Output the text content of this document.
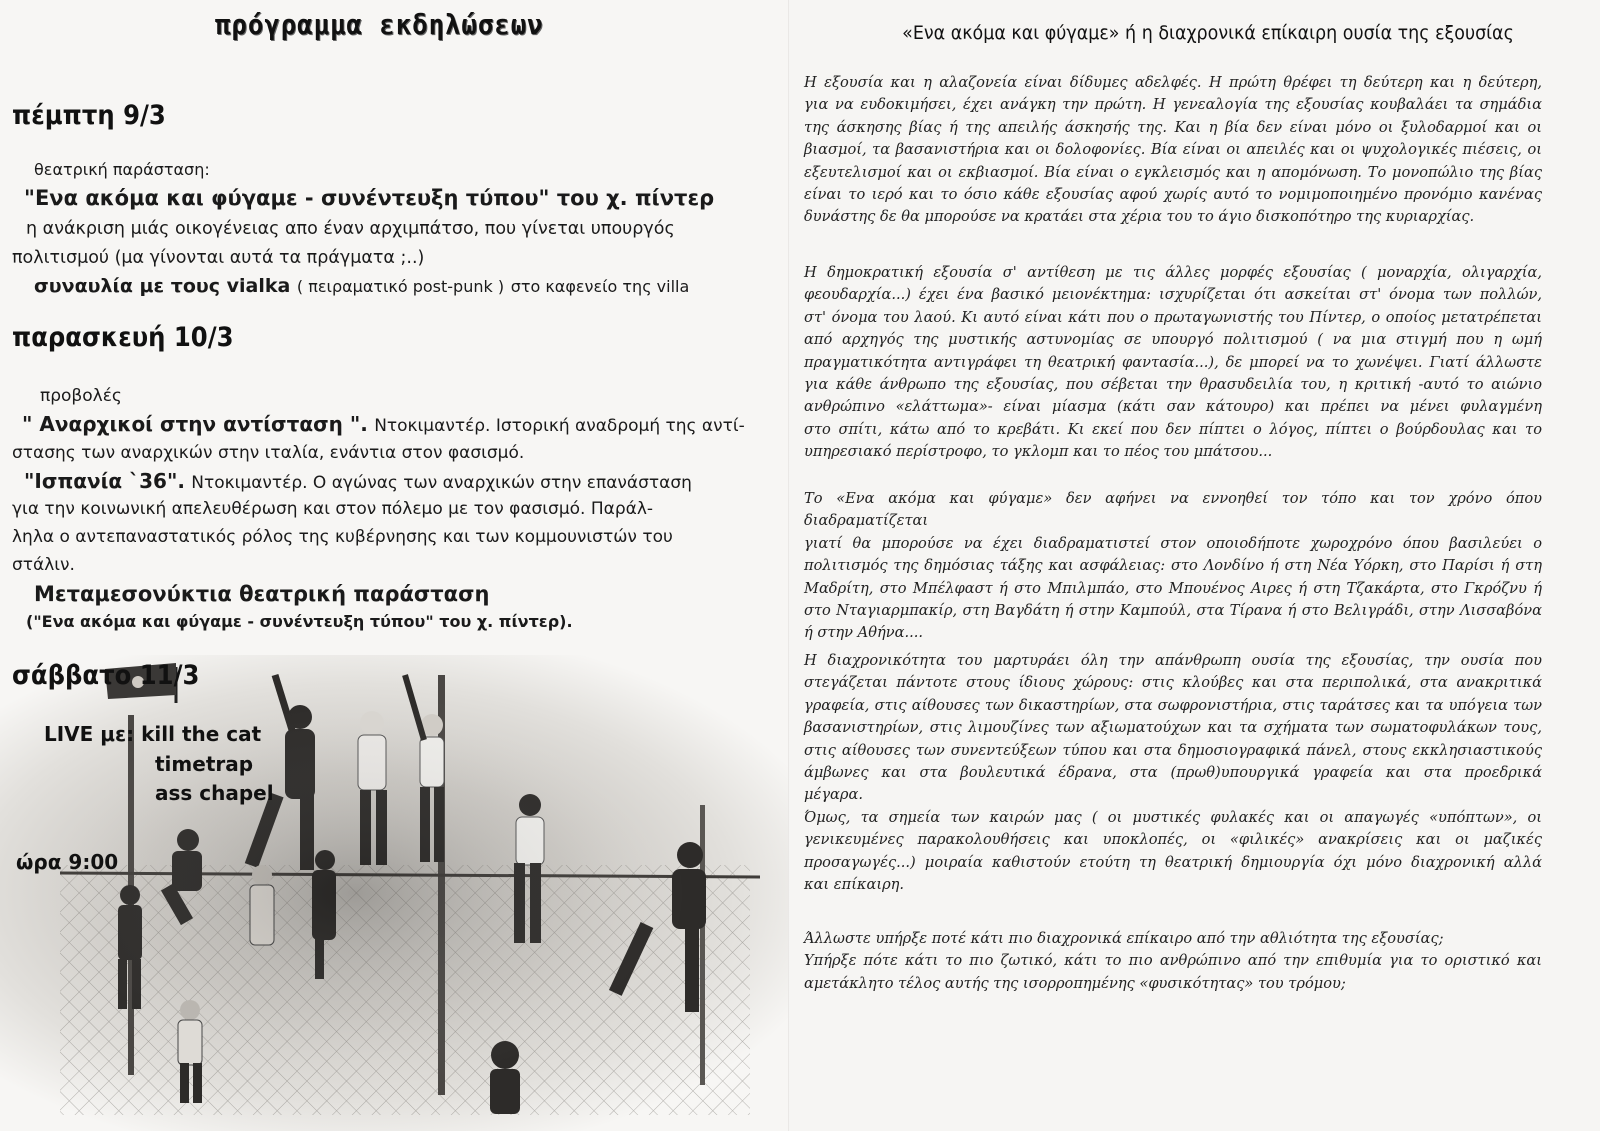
πρόγραμμα εκδηλώσεων
πέμπτη 9/3
θεατρική παράσταση:
"Ενα ακόμα και φύγαμε - συνέντευξη τύπου" του χ. πίντερ
η ανάκριση μιάς οικογένειας απο έναν αρχιμπάτσο, που γίνεται υπουργός
πολιτισμού (μα γίνονται αυτά τα πράγματα ;..)
συναυλία με τους vialka ( πειραματικό post-punk ) στο καφενείο της villa
παρασκευή 10/3
προβολές
" Αναρχικοί στην αντίσταση ". Ντοκιμαντέρ. Ιστορική αναδρομή της αντί-
στασης των αναρχικών στην ιταλία, ενάντια στον φασισμό.
"Ισπανία `36". Ντοκιμαντέρ. Ο αγώνας των αναρχικών στην επανάσταση
για την κοινωνική απελευθέρωση και στον πόλεμο με τον φασισμό. Παράλ-
ληλα ο αντεπαναστατικός ρόλος της κυβέρνησης και των κομμουνιστών του
στάλιν.
Μεταμεσονύκτια θεατρική παράσταση
("Ενα ακόμα και φύγαμε - συνέντευξη τύπου" του χ. πίντερ).
σάββατο 11/3
LIVE με: kill the cat
timetrap
ass chapel
ώρα 9:00
«Ενα ακόμα και φύγαμε» ή η διαχρονικά επίκαιρη ουσία της εξουσίας
Η εξουσία και η αλαζονεία είναι δίδυμες αδελφές. Η πρώτη θρέφει τη δεύτερη και η δεύτερη,
για να ευδοκιμήσει, έχει ανάγκη την πρώτη. Η γενεαλογία της εξουσίας κουβαλάει τα σημάδια
της άσκησης βίας ή της απειλής άσκησής της. Και η βία δεν είναι μόνο οι ξυλοδαρμοί και οι
βιασμοί, τα βασανιστήρια και οι δολοφονίες. Βία είναι οι απειλές και οι ψυχολογικές πιέσεις, οι
εξευτελισμοί και οι εκβιασμοί. Βία είναι ο εγκλεισμός και η απομόνωση. Το μονοπώλιο της βίας
είναι το ιερό και το όσιο κάθε εξουσίας αφού χωρίς αυτό το νομιμοποιημένο προνόμιο κανένας
δυνάστης δε θα μπορούσε να κρατάει στα χέρια του το άγιο δισκοπότηρο της κυριαρχίας.
Η δημοκρατική εξουσία σ' αντίθεση με τις άλλες μορφές εξουσίας ( μοναρχία, ολιγαρχία,
φεουδαρχία...) έχει ένα βασικό μειονέκτημα: ισχυρίζεται ότι ασκείται στ' όνομα των πολλών,
στ' όνομα του λαού. Κι αυτό είναι κάτι που ο πρωταγωνιστής του Πίντερ, ο οποίος μετατρέπεται
από αρχηγός της μυστικής αστυνομίας σε υπουργό πολιτισμού ( να μια στιγμή που η ωμή
πραγματικότητα αντιγράφει τη θεατρική φαντασία...), δε μπορεί να το χωνέψει. Γιατί άλλωστε
για κάθε άνθρωπο της εξουσίας, που σέβεται την θρασυδειλία του, η κριτική -αυτό το αιώνιο
ανθρώπινο «ελάττωμα»- είναι μίασμα (κάτι σαν κάτουρο) και πρέπει να μένει φυλαγμένη
στο σπίτι, κάτω από το κρεβάτι. Κι εκεί που δεν πίπτει ο λόγος, πίπτει ο βούρδουλας και το
υπηρεσιακό περίστροφο, το γκλομπ και το πέος του μπάτσου...
Το «Ενα ακόμα και φύγαμε» δεν αφήνει να εννοηθεί τον τόπο και τον χρόνο όπου διαδραματίζεται
γιατί θα μπορούσε να έχει διαδραματιστεί στον οποιοδήποτε χωροχρόνο όπου βασιλεύει ο
πολιτισμός της δημόσιας τάξης και ασφάλειας: στο Λονδίνο ή στη Νέα Υόρκη, στο Παρίσι ή στη
Μαδρίτη, στο Μπέλφαστ ή στο Μπιλμπάο, στο Μπουένος Αιρες ή στη Τζακάρτα, στο Γκρόζνυ ή
στο Νταγιαρμπακίρ, στη Βαγδάτη ή στην Καμπούλ, στα Τίρανα ή στο Βελιγράδι, στην Λισσαβόνα
ή στην Αθήνα....
Η διαχρονικότητα του μαρτυράει όλη την απάνθρωπη ουσία της εξουσίας, την ουσία που
στεγάζεται πάντοτε στους ίδιους χώρους: στις κλούβες και στα περιπολικά, στα ανακριτικά
γραφεία, στις αίθουσες των δικαστηρίων, στα σωφρονιστήρια, στις ταράτσες και τα υπόγεια των
βασανιστηρίων, στις λιμουζίνες των αξιωματούχων και τα σχήματα των σωματοφυλάκων τους,
στις αίθουσες των συνεντεύξεων τύπου και στα δημοσιογραφικά πάνελ, στους εκκλησιαστικούς
άμβωνες και στα βουλευτικά έδρανα, στα (πρωθ)υπουργικά γραφεία και στα προεδρικά
μέγαρα.
Όμως, τα σημεία των καιρών μας ( οι μυστικές φυλακές και οι απαγωγές «υπόπτων», οι
γενικευμένες παρακολουθήσεις και υποκλοπές, οι «φιλικές» ανακρίσεις και οι μαζικές
προσαγωγές...) μοιραία καθιστούν ετούτη τη θεατρική δημιουργία όχι μόνο διαχρονική αλλά
και επίκαιρη.
Άλλωστε υπήρξε ποτέ κάτι πιο διαχρονικά επίκαιρο από την αθλιότητα της εξουσίας;
Υπήρξε πότε κάτι το πιο ζωτικό, κάτι το πιο ανθρώπινο από την επιθυμία για το οριστικό και
αμετάκλητο τέλος αυτής της ισορροπημένης «φυσικότητας» του τρόμου;
